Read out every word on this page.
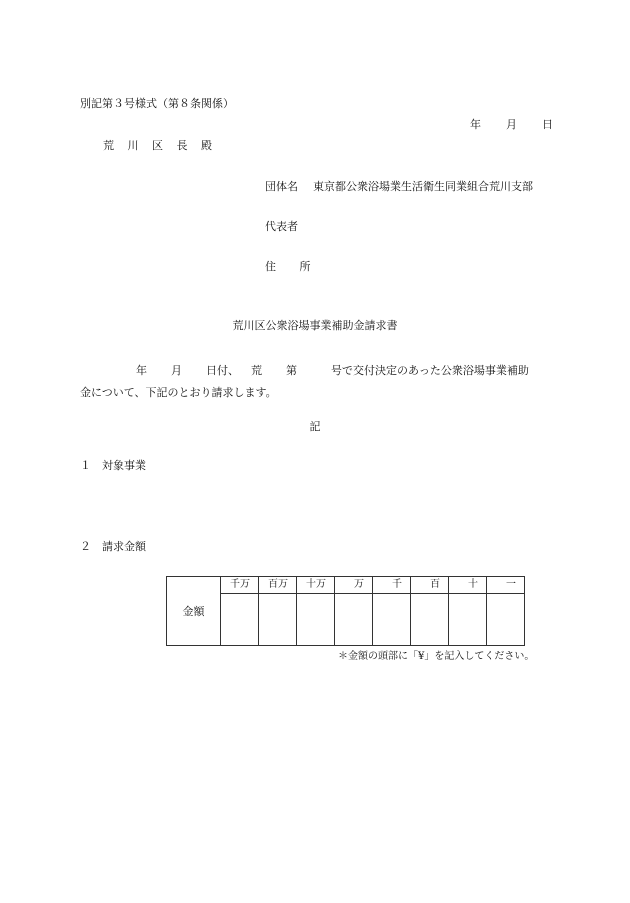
別記第３号様式（第８条関係）
年 月 日
荒 川 区 長 殿
団体名 東京都公衆浴場業生活衛生同業組合荒川支部
代表者
住 所
荒川区公衆浴場事業補助金請求書
年 月 日付、 荒 第	号で交付決定のあった公衆浴場事業補助
金について、下記のとおり請求します。
記
１ 対象事業
２ 請求金額
金額	千万	百万	十万	万	千	百	十	一

＊金額の頭部に「¥」を記入してください。
